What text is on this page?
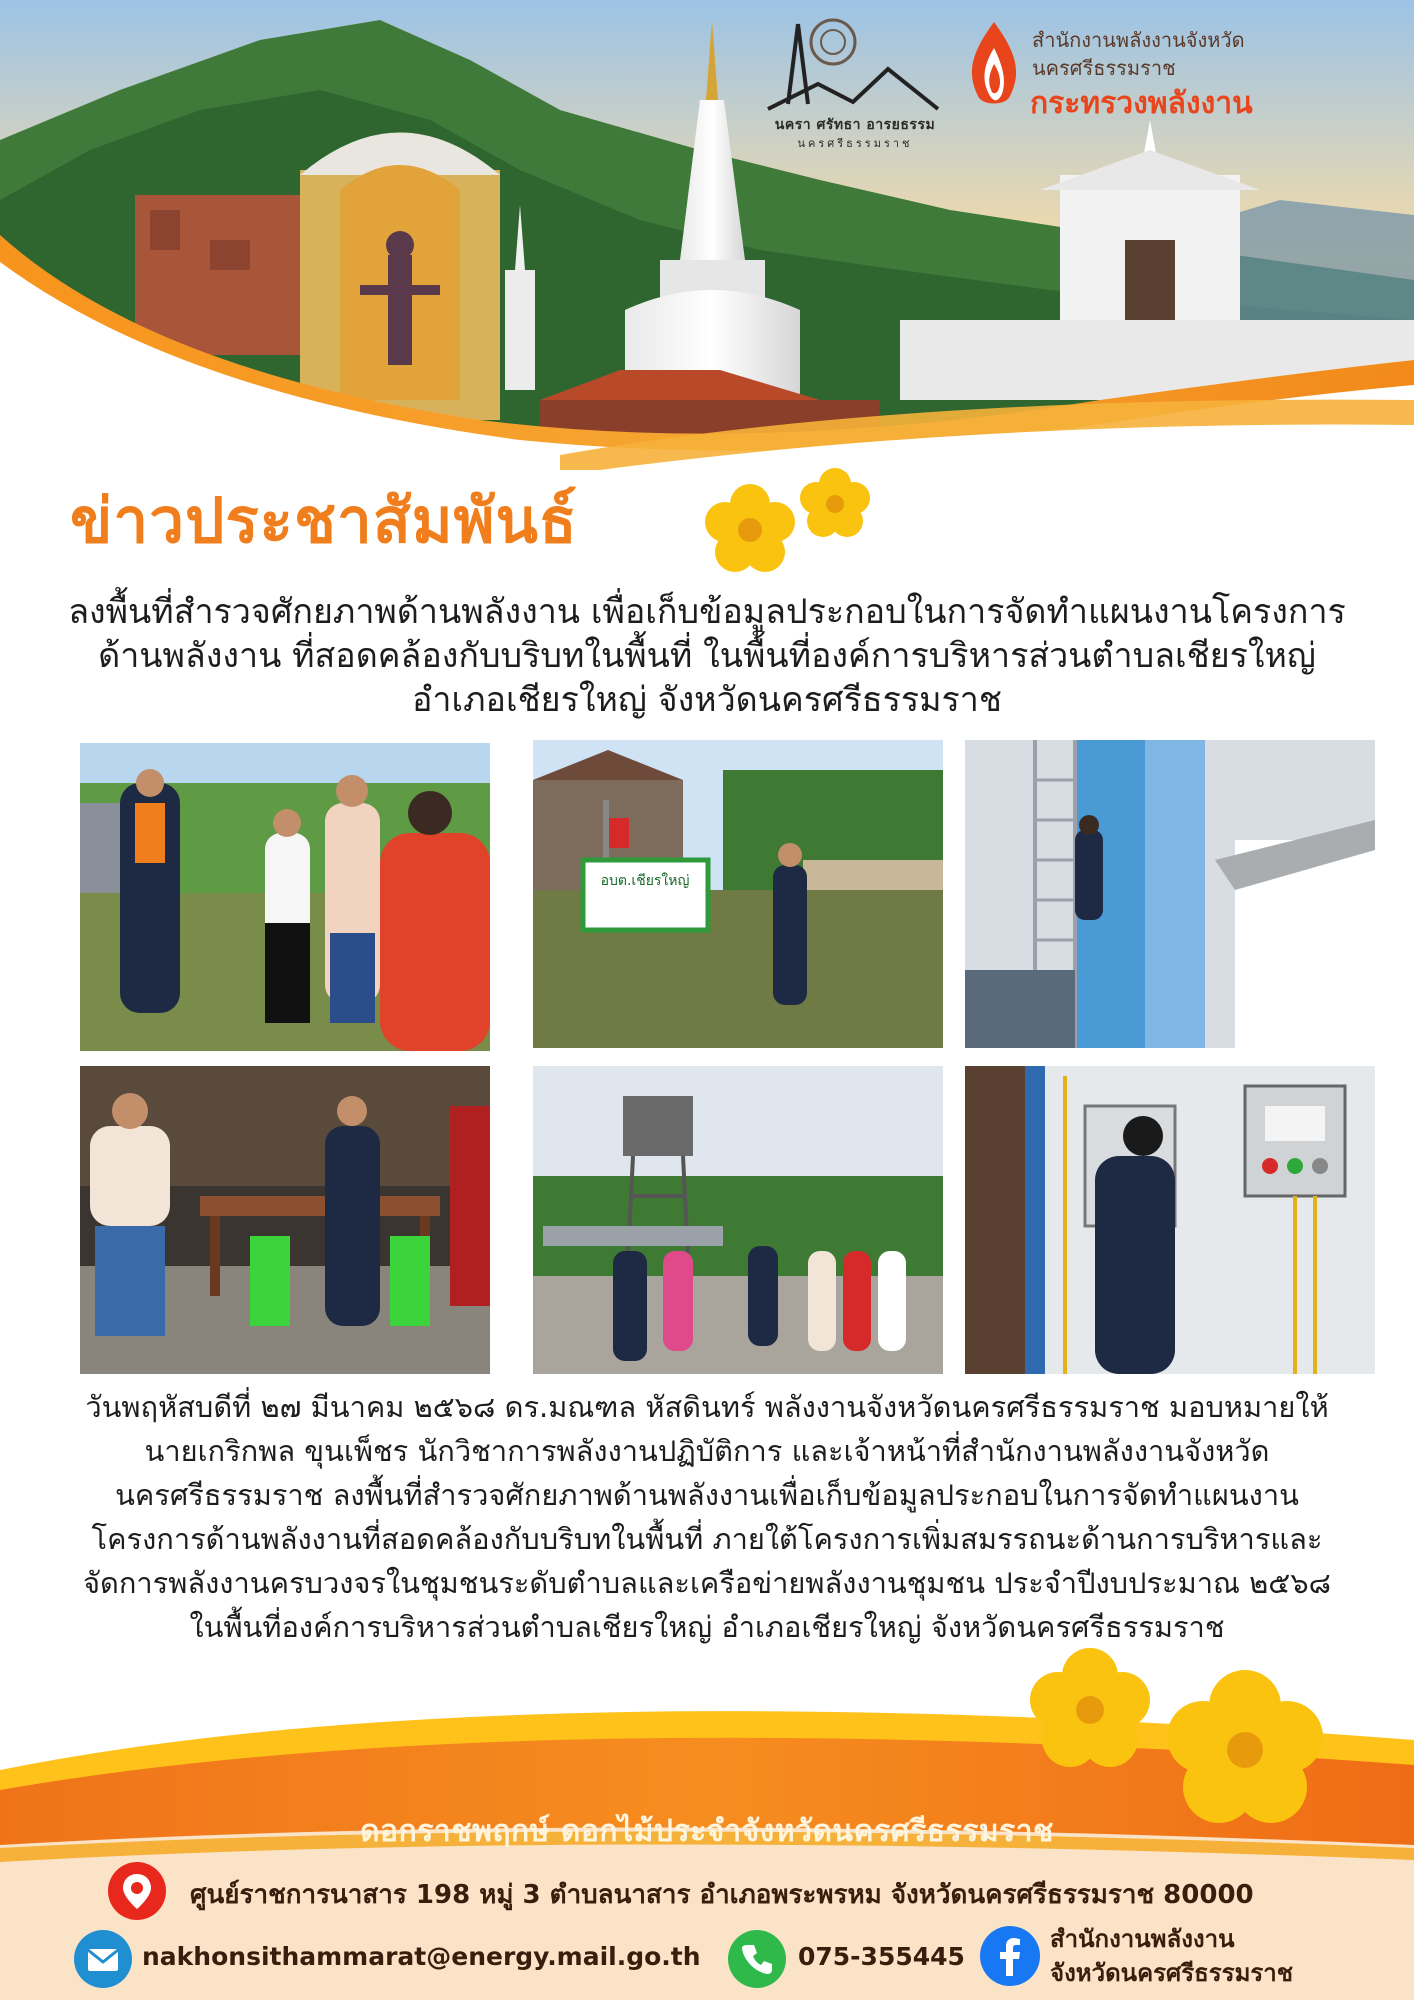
นครา ศรัทธา อารยธรรม
นครศรีธรรมราช
สำนักงานพลังงานจังหวัด
นครศรีธรรมราช
กระทรวงพลังงาน
ข่าวประชาสัมพันธ์
ลงพื้นที่สำรวจศักยภาพด้านพลังงาน เพื่อเก็บข้อมูลประกอบในการจัดทำแผนงานโครงการ
ด้านพลังงาน ที่สอดคล้องกับบริบทในพื้นที่ ในพื้นที่องค์การบริหารส่วนตำบลเชียรใหญ่
อำเภอเชียรใหญ่ จังหวัดนครศรีธรรมราช
อบต.เชียรใหญ่
วันพฤหัสบดีที่ ๒๗ มีนาคม ๒๕๖๘ ดร.มณฑล หัสดินทร์ พลังงานจังหวัดนครศรีธรรมราช มอบหมายให้
นายเกริกพล ขุนเพ็ชร นักวิชาการพลังงานปฏิบัติการ และเจ้าหน้าที่สำนักงานพลังงานจังหวัด
นครศรีธรรมราช ลงพื้นที่สำรวจศักยภาพด้านพลังงานเพื่อเก็บข้อมูลประกอบในการจัดทำแผนงาน
โครงการด้านพลังงานที่สอดคล้องกับบริบทในพื้นที่ ภายใต้โครงการเพิ่มสมรรถนะด้านการบริหารและ
จัดการพลังงานครบวงจรในชุมชนระดับตำบลและเครือข่ายพลังงานชุมชน ประจำปีงบประมาณ ๒๕๖๘
ในพื้นที่องค์การบริหารส่วนตำบลเชียรใหญ่ อำเภอเชียรใหญ่ จังหวัดนครศรีธรรมราช
ดอกราชพฤกษ์ ดอกไม้ประจำจังหวัดนครศรีธรรมราช
ศูนย์ราชการนาสาร 198 หมู่ 3 ตำบลนาสาร อำเภอพระพรหม จังหวัดนครศรีธรรมราช 80000
nakhonsithammarat@energy.mail.go.th	075-355445
สำนักงานพลังงาน
จังหวัดนครศรีธรรมราช
